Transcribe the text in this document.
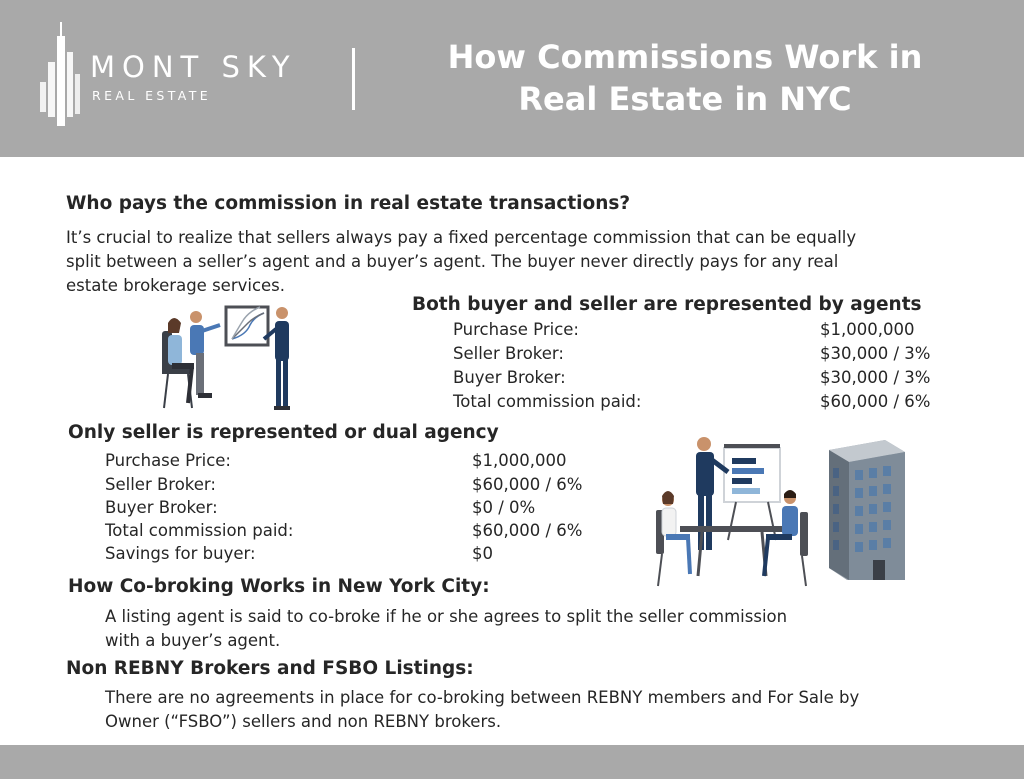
MONT SKY
REAL ESTATE
How Commissions Work in
Real Estate in NYC
Who pays the commission in real estate transactions?
It’s crucial to realize that sellers always pay a fixed percentage commission that can be equally
split between a seller’s agent and a buyer’s agent. The buyer never directly pays for any real
estate brokerage services.
Both buyer and seller are represented by agents
Purchase Price:	$1,000,000
Seller Broker:	$30,000 / 3%
Buyer Broker:	$30,000 / 3%
Total commission paid:	$60,000 / 6%
Only seller is represented or dual agency
Purchase Price:	$1,000,000
Seller Broker:	$60,000 / 6%
Buyer Broker:	$0 / 0%
Total commission paid:	$60,000 / 6%
Savings for buyer:	$0
How Co-broking Works in New York City:
A listing agent is said to co-broke if he or she agrees to split the seller commission
with a buyer’s agent.
Non REBNY Brokers and FSBO Listings:
There are no agreements in place for co-broking between REBNY members and For Sale by
Owner (“FSBO”) sellers and non REBNY brokers.
